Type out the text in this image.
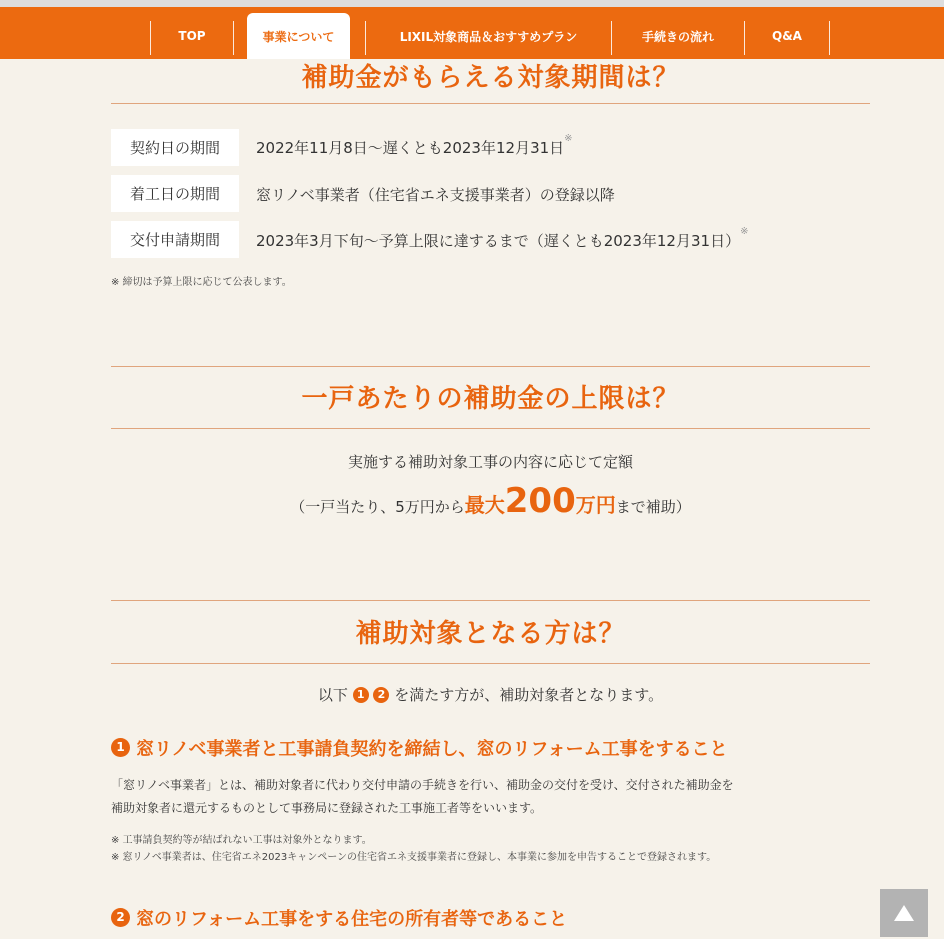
TOP	事業について	LIXIL対象商品＆おすすめプラン	手続きの流れ	Q&A
補助金がもらえる対象期間は？
契約日の期間	2022年11月8日～遅くとも2023年12月31日※
着工日の期間	窓リノベ事業者（住宅省エネ支援事業者）の登録以降
交付申請期間	2023年3月下旬～予算上限に達するまで（遅くとも2023年12月31日）※
※ 締切は予算上限に応じて公表します。
一戸あたりの補助金の上限は？
実施する補助対象工事の内容に応じて定額
（一戸当たり、5万円から 最大 200 万円 まで補助）
補助対象となる方は？
以下 1 2 を満たす方が、補助対象者となります。
1 窓リノベ事業者と工事請負契約を締結し、窓のリフォーム工事をすること
「窓リノベ事業者」とは、補助対象者に代わり交付申請の手続きを行い、補助金の交付を受け、交付された補助金を
補助対象者に還元するものとして事務局に登録された工事施工者等をいいます。
※ 工事請負契約等が結ばれない工事は対象外となります。
※ 窓リノベ事業者は、住宅省エネ2023キャンペーンの住宅省エネ支援事業者に登録し、本事業に参加を申告することで登録されます。
2 窓のリフォーム工事をする住宅の所有者等であること
